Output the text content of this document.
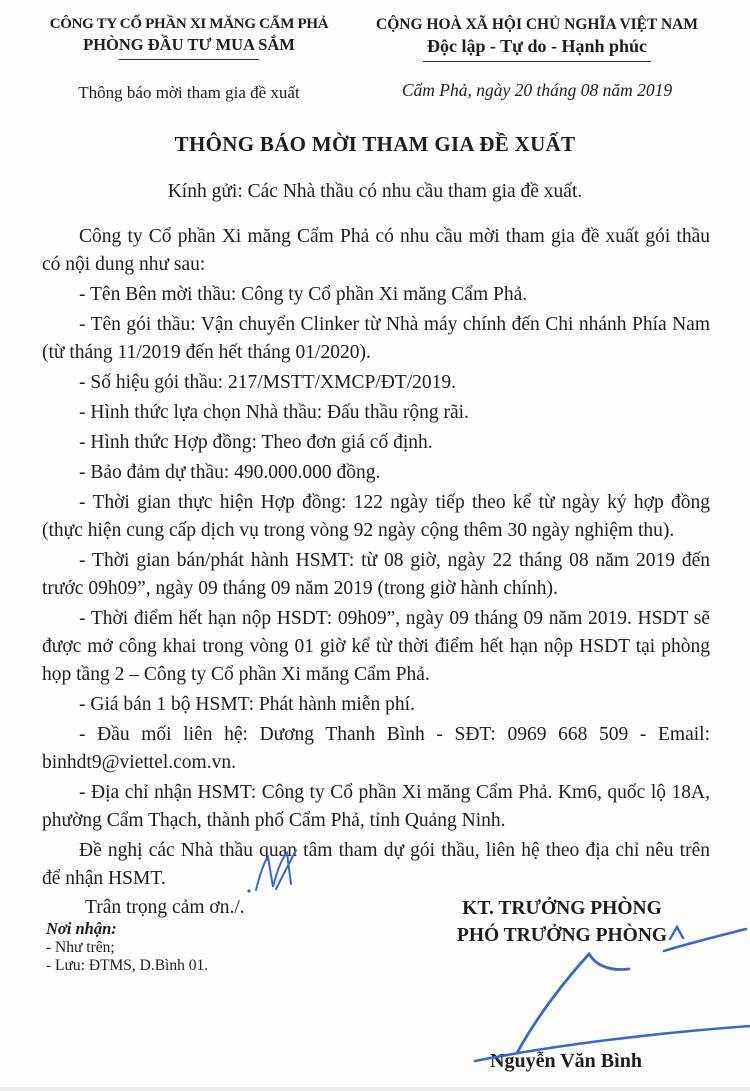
CÔNG TY CỔ PHẦN XI MĂNG CẨM PHẢ
PHÒNG ĐẦU TƯ MUA SẮM
Thông báo mời tham gia đề xuất
CỘNG HOÀ XÃ HỘI CHỦ NGHĨA VIỆT NAM
Độc lập - Tự do - Hạnh phúc
Cẩm Phả, ngày 20 tháng 08 năm 2019
THÔNG BÁO MỜI THAM GIA ĐỀ XUẤT
Kính gửi: Các Nhà thầu có nhu cầu tham gia đề xuất.

Công ty Cổ phần Xi măng Cẩm Phả có nhu cầu mời tham gia đề xuất gói thầu có nội dung như sau:

- Tên Bên mời thầu: Công ty Cổ phần Xi măng Cẩm Phả.

- Tên gói thầu: Vận chuyển Clinker từ Nhà máy chính đến Chi nhánh Phía Nam (từ tháng 11/2019 đến hết tháng 01/2020).

- Số hiệu gói thầu: 217/MSTT/XMCP/ĐT/2019.

- Hình thức lựa chọn Nhà thầu: Đấu thầu rộng rãi.

- Hình thức Hợp đồng: Theo đơn giá cố định.

- Bảo đảm dự thầu: 490.000.000 đồng.

- Thời gian thực hiện Hợp đồng: 122 ngày tiếp theo kể từ ngày ký hợp đồng (thực hiện cung cấp dịch vụ trong vòng 92 ngày cộng thêm 30 ngày nghiệm thu).

- Thời gian bán/phát hành HSMT: từ 08 giờ, ngày 22 tháng 08 năm 2019 đến trước 09h09”, ngày 09 tháng 09 năm 2019 (trong giờ hành chính).

- Thời điểm hết hạn nộp HSDT: 09h09”, ngày 09 tháng 09 năm 2019. HSDT sẽ được mở công khai trong vòng 01 giờ kể từ thời điểm hết hạn nộp HSDT tại phòng họp tầng 2 – Công ty Cổ phần Xi măng Cẩm Phả.

- Giá bán 1 bộ HSMT: Phát hành miễn phí.

- Đầu mối liên hệ: Dương Thanh Bình - SĐT: 0969 668 509 - Email: binhdt9@viettel.com.vn.

- Địa chỉ nhận HSMT: Công ty Cổ phần Xi măng Cẩm Phả. Km6, quốc lộ 18A, phường Cẩm Thạch, thành phố Cẩm Phả, tỉnh Quảng Ninh.

Đề nghị các Nhà thầu quan tâm tham dự gói thầu, liên hệ theo địa chỉ nêu trên để nhận HSMT.

Trân trọng cảm ơn./.

Nơi nhận:
- Như trên;
- Lưu: ĐTMS, D.Bình 01.
KT. TRƯỞNG PHÒNG
PHÓ TRƯỞNG PHÒNG
Nguyễn Văn Bình
